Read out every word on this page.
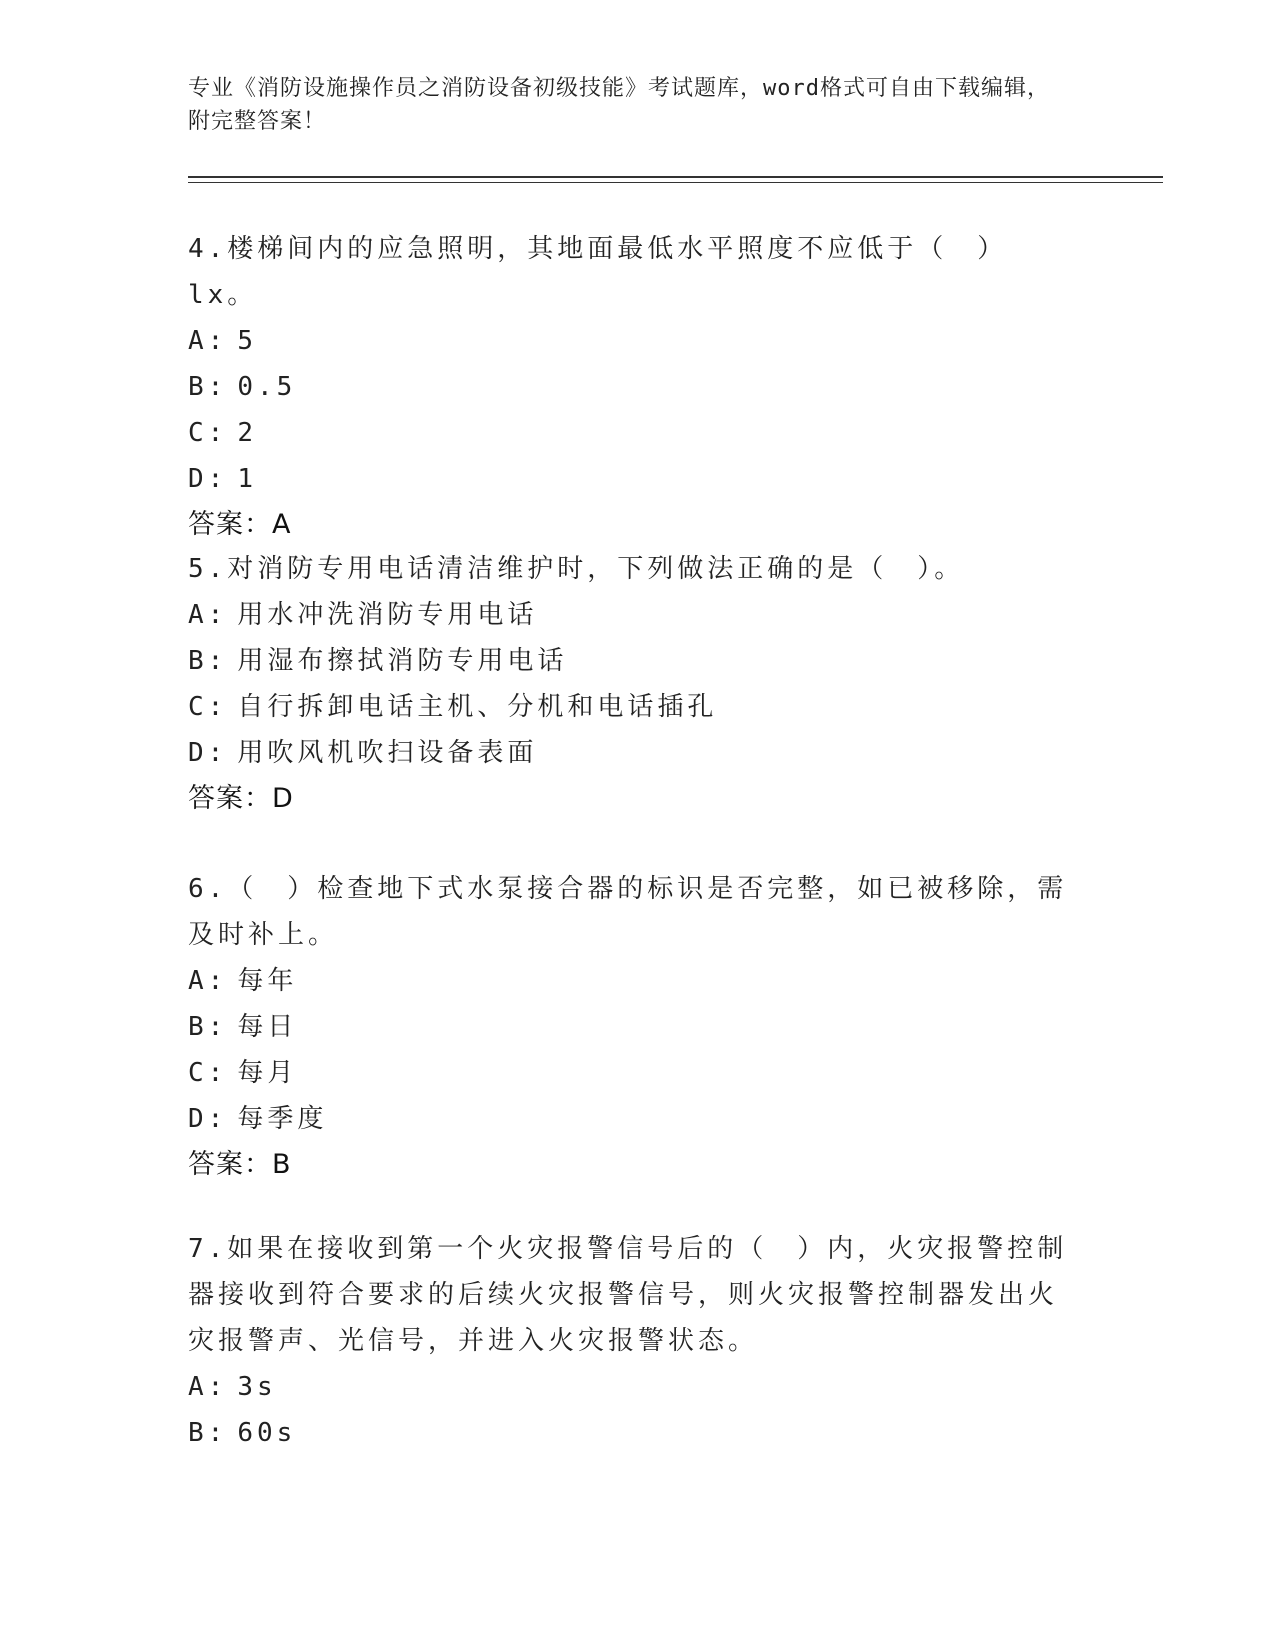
专业《消防设施操作员之消防设备初级技能》考试题库，word格式可自由下载编辑，附完整答案！

4.楼梯间内的应急照明，其地面最低水平照度不应低于（　）lx。

A: 5

B: 0.5

C: 2

D: 1

答案：A

5.对消防专用电话清洁维护时，下列做法正确的是（　）。

A: 用水冲洗消防专用电话

B: 用湿布擦拭消防专用电话

C: 自行拆卸电话主机、分机和电话插孔

D: 用吹风机吹扫设备表面

答案：D

6.（　）检查地下式水泵接合器的标识是否完整，如已被移除，需及时补上。

A: 每年

B: 每日

C: 每月

D: 每季度

答案：B

7.如果在接收到第一个火灾报警信号后的（　）内，火灾报警控制器接收到符合要求的后续火灾报警信号，则火灾报警控制器发出火灾报警声、光信号，并进入火灾报警状态。

A: 3s

B: 60s
